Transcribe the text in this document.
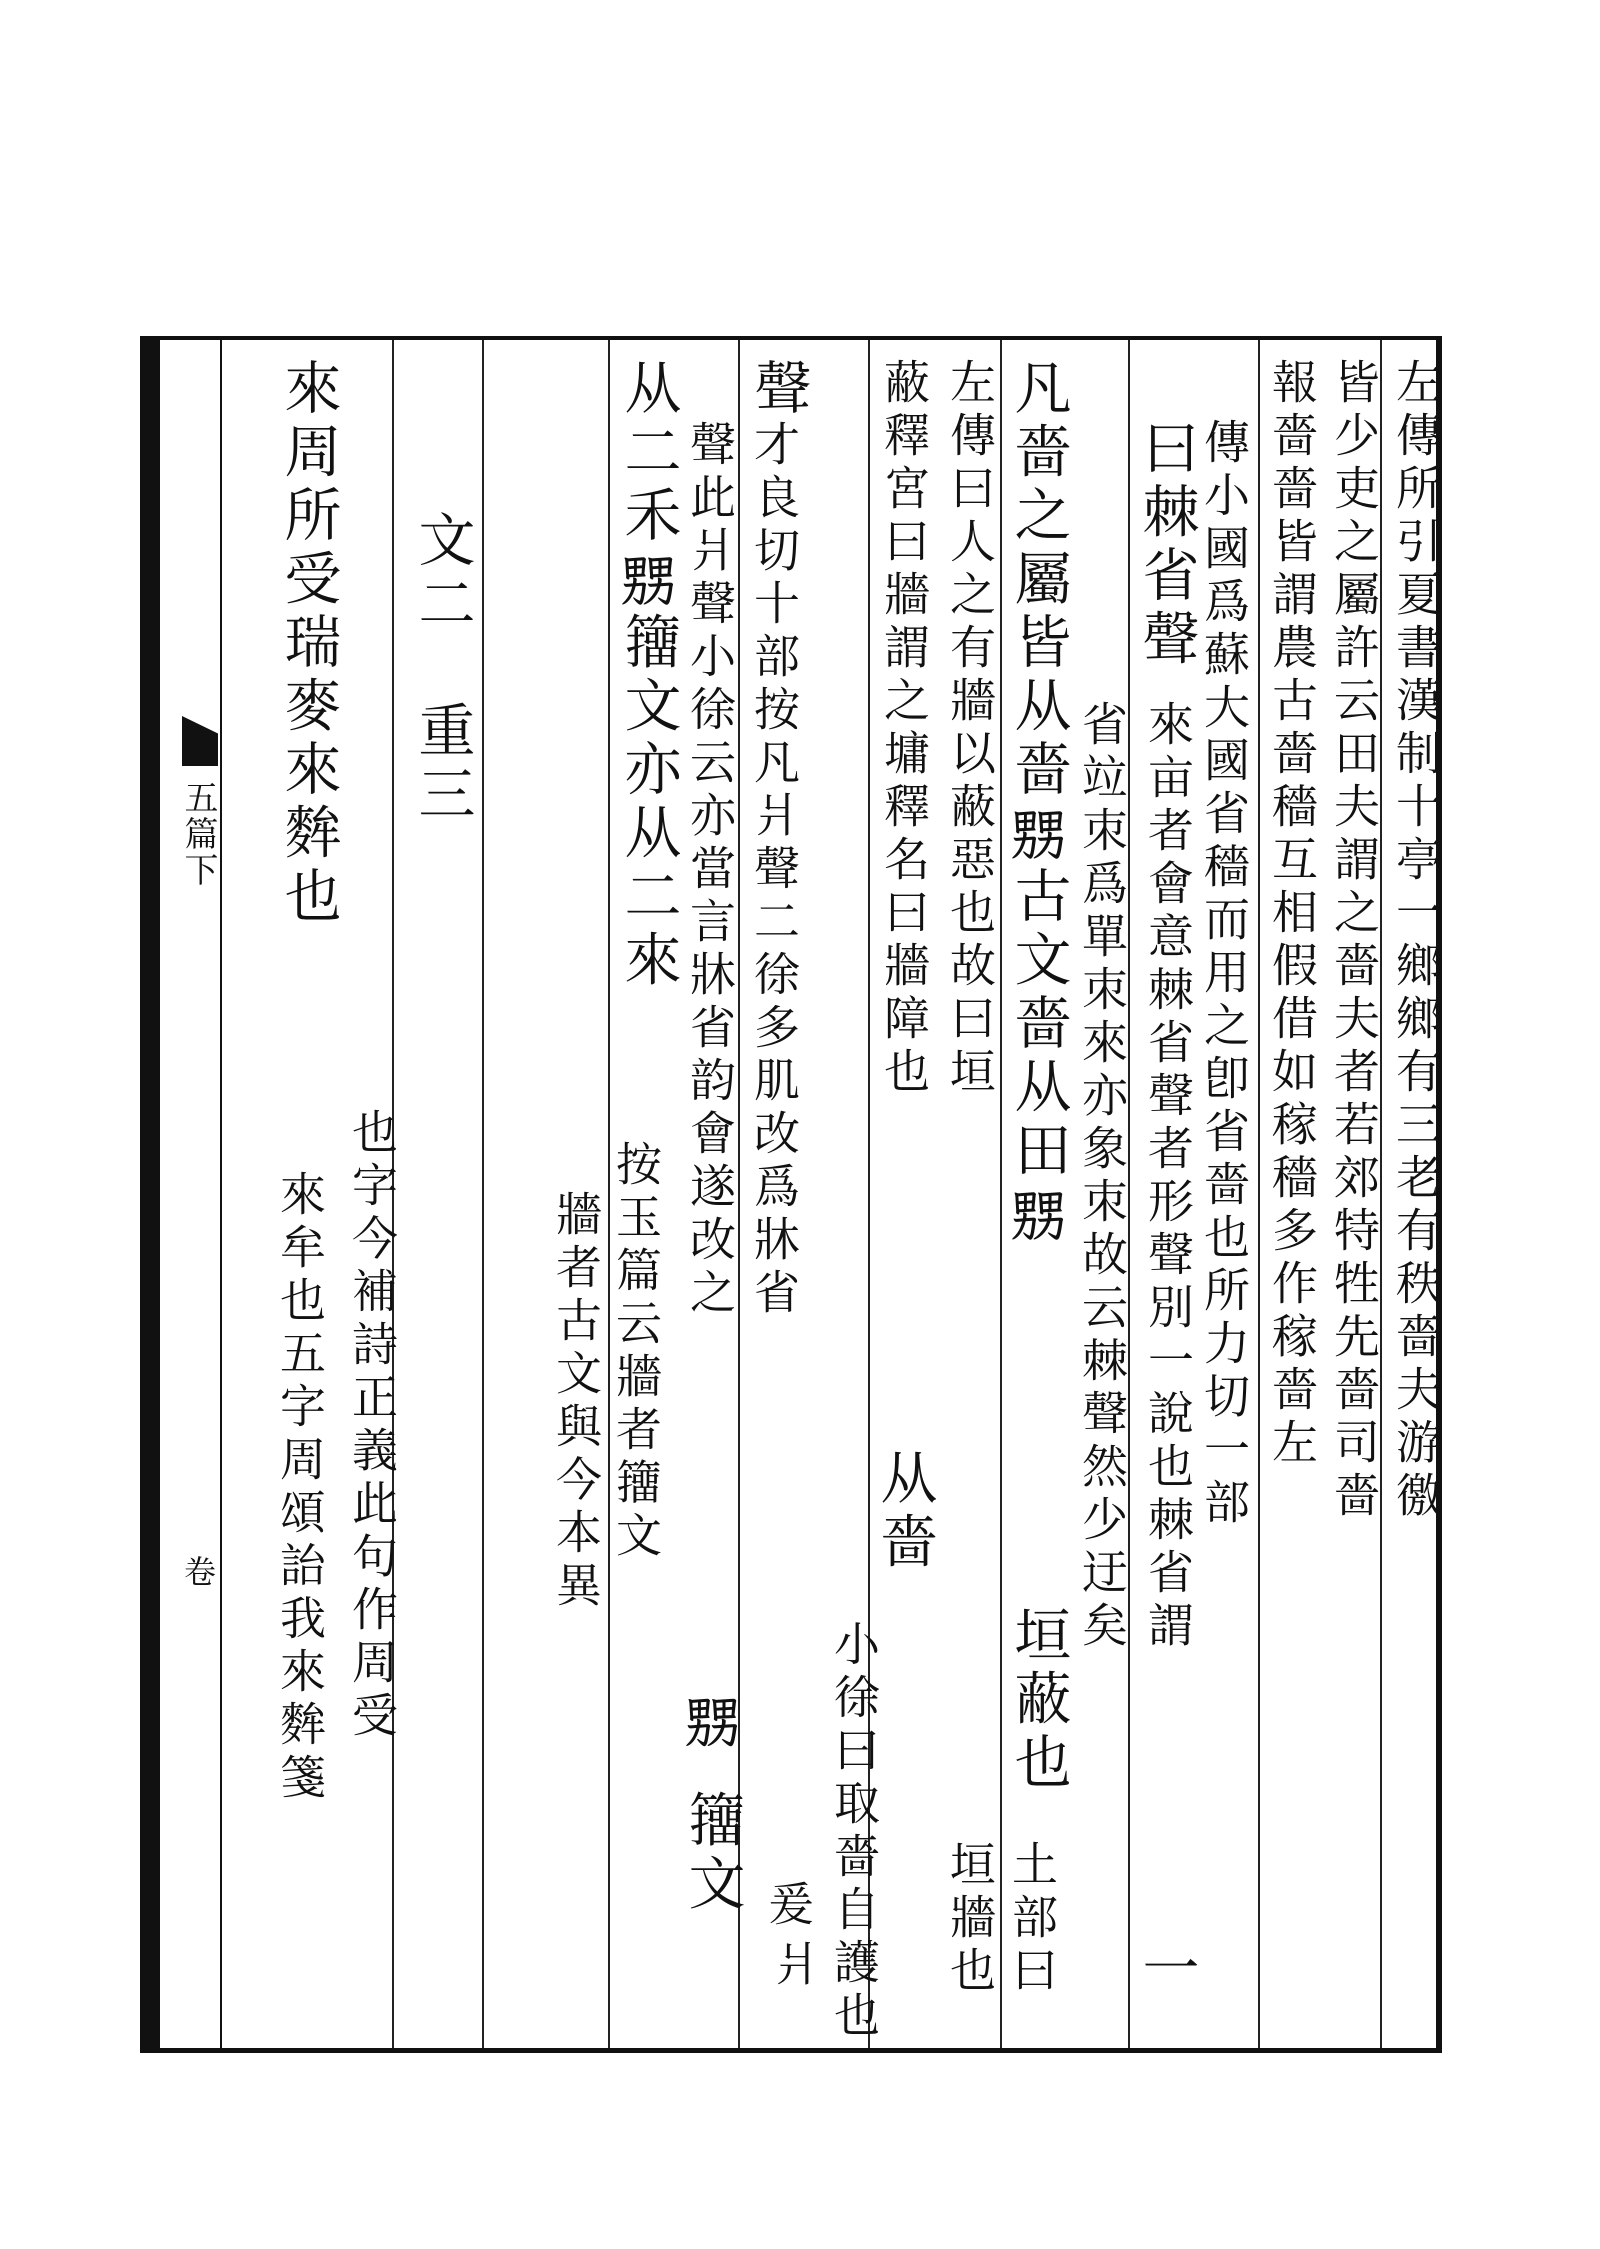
五篇下
卷
左傳所引夏書漢制十亭一鄉鄉有三老有秩嗇夫游徼
皆少吏之屬許云田夫謂之嗇夫者若郊特牲先嗇司嗇
報嗇嗇皆謂農古嗇穡互相假借如稼穡多作稼嗇左
傳小國爲蘇大國省穡而用之卽省嗇也所力切一部
曰棘省聲
來亩者會意棘省聲者形聲別一說也棘省謂
一
省竝朿爲單朿來亦象朿故云棘聲然少迂矣
凡嗇之屬皆从嗇𤲶古文嗇从田𤲶
垣蔽也
土部曰
左傳曰人之有牆以蔽惡也故曰垣
垣牆也
蔽釋宮曰牆謂之墉釋名曰牆障也
从嗇
小徐曰取嗇自護也
爰
聲
才良切十部按凡爿聲二徐多肌改爲牀省
爿
聲此爿聲小徐云亦當言牀省韵會遂改之
𤲶
籒文
从二禾𤲶籒文亦从二來
按玉篇云牆者籒文
牆者古文與今本異
文二　重三
來周所受瑞麥來麰也
也字今補詩正義此句作周受
來牟也五字周頌詒我來麰箋
